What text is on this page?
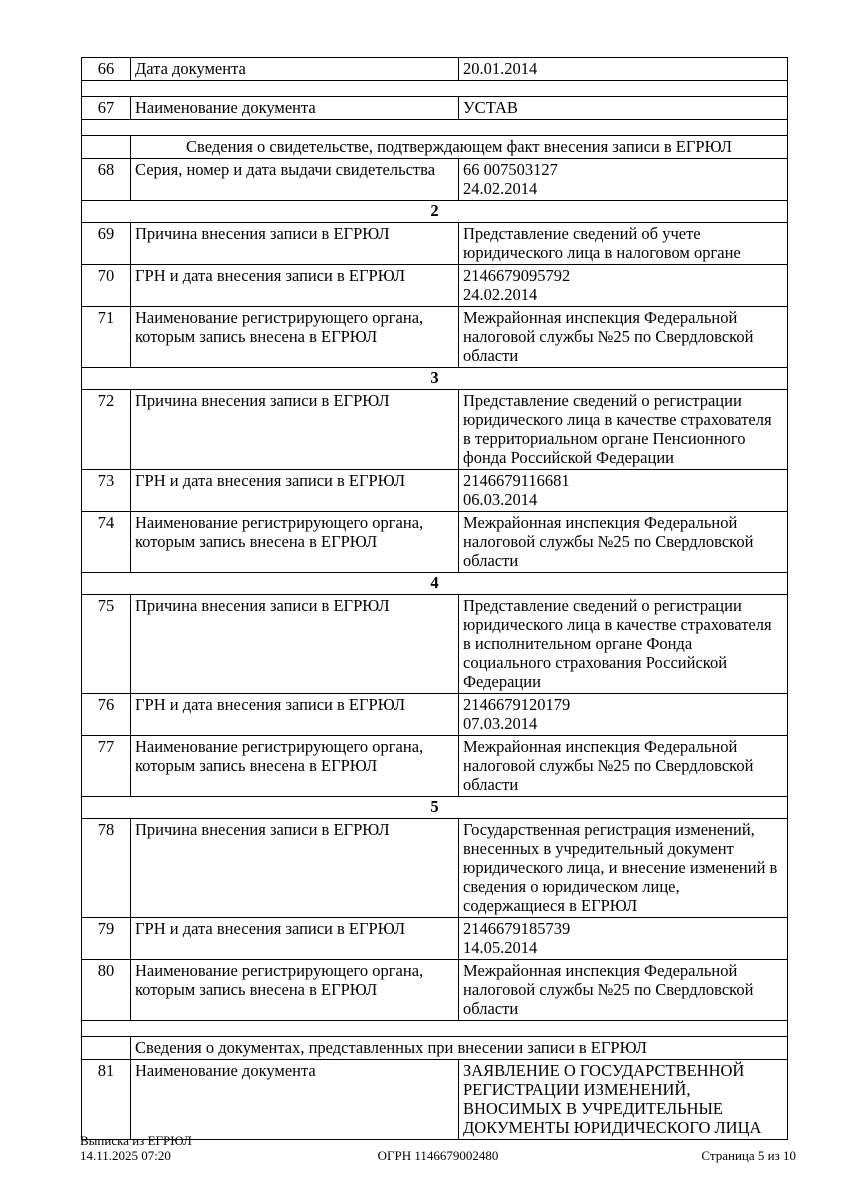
66	Дата документа	20.01.2014

67	Наименование документа	УСТАВ

	Сведения о свидетельстве, подтверждающем факт внесения записи в ЕГРЮЛ	
68	Серия, номер и дата выдачи свидетельства	66 007503127
24.02.2014

2		
69	Причина внесения записи в ЕГРЮЛ	Представление сведений об учете юридического лица в налоговом органе

70	ГРН и дата внесения записи в ЕГРЮЛ	2146679095792
24.02.2014

71	Наименование регистрирующего органа, которым запись внесена в ЕГРЮЛ	Межрайонная инспекция Федеральной налоговой службы №25 по Свердловской области

3		
72	Причина внесения записи в ЕГРЮЛ	Представление сведений о регистрации юридического лица в качестве страхователя в территориальном органе Пенсионного фонда Российской Федерации

73	ГРН и дата внесения записи в ЕГРЮЛ	2146679116681
06.03.2014

74	Наименование регистрирующего органа, которым запись внесена в ЕГРЮЛ	Межрайонная инспекция Федеральной налоговой службы №25 по Свердловской области

4		
75	Причина внесения записи в ЕГРЮЛ	Представление сведений о регистрации юридического лица в качестве страхователя в исполнительном органе Фонда социального страхования Российской Федерации

76	ГРН и дата внесения записи в ЕГРЮЛ	2146679120179
07.03.2014

77	Наименование регистрирующего органа, которым запись внесена в ЕГРЮЛ	Межрайонная инспекция Федеральной налоговой службы №25 по Свердловской области

5		
78	Причина внесения записи в ЕГРЮЛ	Государственная регистрация изменений, внесенных в учредительный документ юридического лица, и внесение изменений в сведения о юридическом лице, содержащиеся в ЕГРЮЛ

79	ГРН и дата внесения записи в ЕГРЮЛ	2146679185739
14.05.2014

80	Наименование регистрирующего органа, которым запись внесена в ЕГРЮЛ	Межрайонная инспекция Федеральной налоговой службы №25 по Свердловской области

	Сведения о документах, представленных при внесении записи в ЕГРЮЛ	
81	Наименование документа	ЗАЯВЛЕНИЕ О ГОСУДАРСТВЕННОЙ РЕГИСТРАЦИИ ИЗМЕНЕНИЙ, ВНОСИМЫХ В УЧРЕДИТЕЛЬНЫЕ ДОКУМЕНТЫ ЮРИДИЧЕСКОГО ЛИЦА
Выписка из ЕГРЮЛ
14.11.2025 07:20	ОГРН 1146679002480	Страница 5 из 10
